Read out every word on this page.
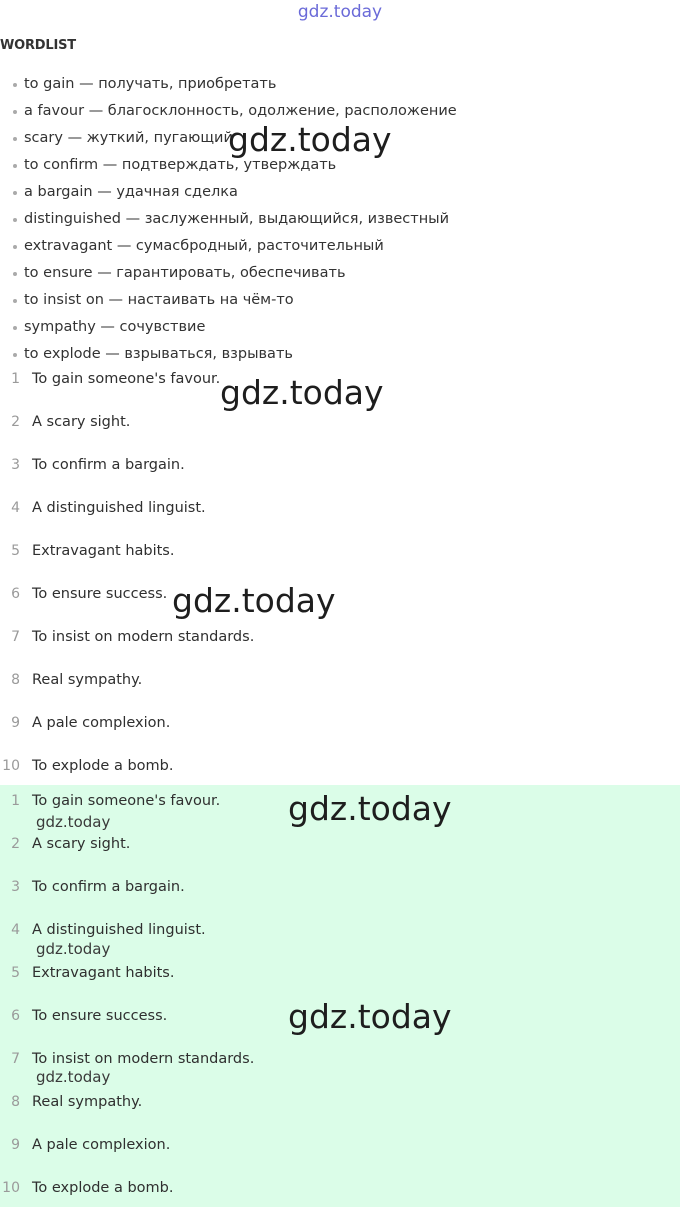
gdz.today
WORDLIST
to gain — получать, приобретать
a favour — благосклонность, одолжение, расположение
scary — жуткий, пугающий
to confirm — подтверждать, утверждать
a bargain — удачная сделка
distinguished — заслуженный, выдающийся, известный
extravagant — сумасбродный, расточительный
to ensure — гарантировать, обеспечивать
to insist on — настаивать на чём-то
sympathy — сочувствие
to explode — взрываться, взрывать
1 To gain someone's favour.
2 A scary sight.
3 To confirm a bargain.
4 A distinguished linguist.
5 Extravagant habits.
6 To ensure success.
7 To insist on modern standards.
8 Real sympathy.
9 A pale complexion.
10 To explode a bomb.
1 To gain someone's favour.
2 A scary sight.
3 To confirm a bargain.
4 A distinguished linguist.
5 Extravagant habits.
6 To ensure success.
7 To insist on modern standards.
8 Real sympathy.
9 A pale complexion.
10 To explode a bomb.
gdz.today
gdz.today
gdz.today
gdz.today
gdz.today
gdz.today
gdz.today
gdz.today
